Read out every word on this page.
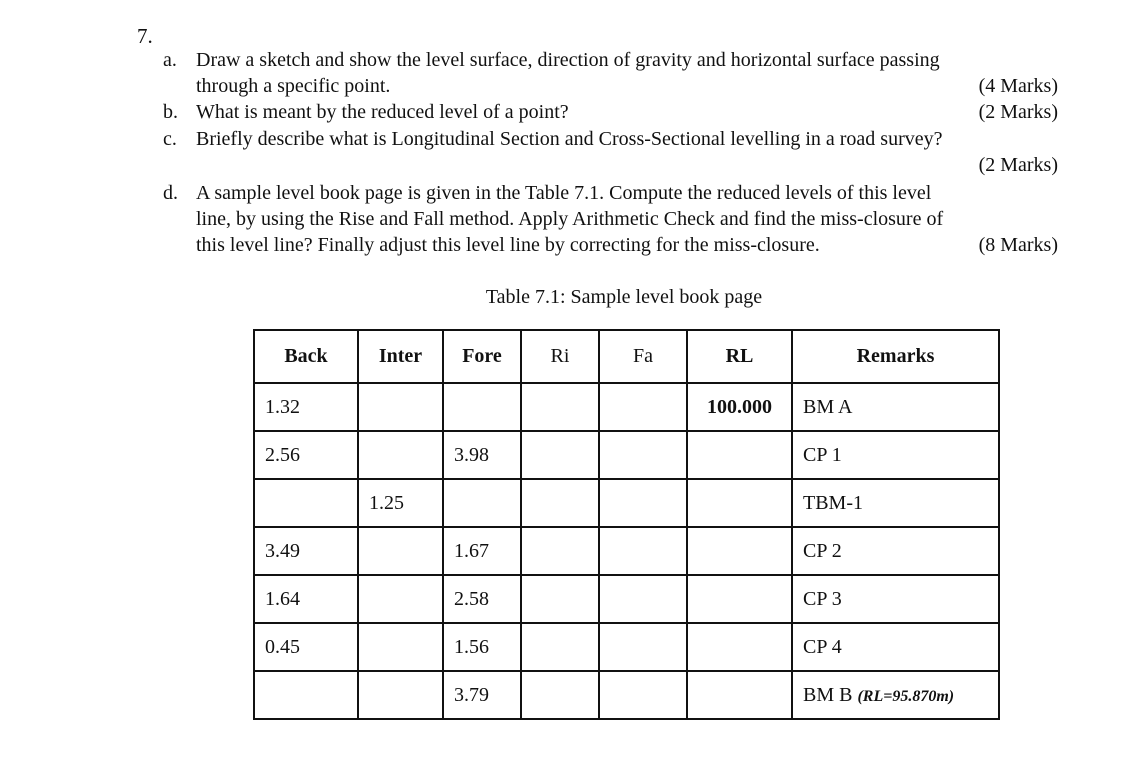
7.
a. Draw a sketch and show the level surface, direction of gravity and horizontal surface passing
through a specific point.	(4 Marks)
b. What is meant by the reduced level of a point?	(2 Marks)
c. Briefly describe what is Longitudinal Section and Cross-Sectional levelling in a road survey?
(2 Marks)
d. A sample level book page is given in the Table 7.1. Compute the reduced levels of this level
line, by using the Rise and Fall method. Apply Arithmetic Check and find the miss-closure of
this level line? Finally adjust this level line by correcting for the miss-closure.	(8 Marks)
Table 7.1: Sample level book page
Back	Inter	Fore	Ri	Fa	RL	Remarks
1.32					100.000	BM A
2.56		3.98				CP 1
	1.25					TBM-1
3.49		1.67				CP 2
1.64		2.58				CP 3
0.45		1.56				CP 4
		3.79				BM B (RL=95.870m)
